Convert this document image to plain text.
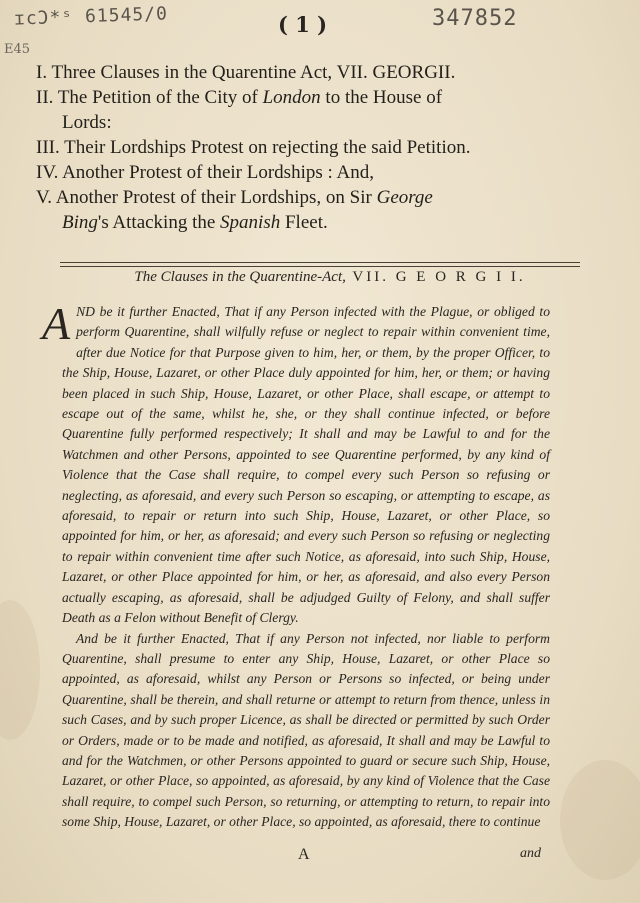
ɪcƆ*ˢ 61545/0	( 1 )	347852
E45
I. Three Clauses in the Quarentine Act, VII. GEORGII.
II. The Petition of the City of London to the House of
Lords:
III. Their Lordships Protest on rejecting the said Petition.
IV. Another Protest of their Lordships : And,
V. Another Protest of their Lordships, on Sir George
Bing's Attacking the Spanish Fleet.
The Clauses in the Quarentine-Act, VII. G E O R G I I.

AND be it further Enacted, That if any Person infected with the Plague, or obliged to perform Quarentine, shall wilfully refuse or neglect to repair within convenient time, after due Notice for that Purpose given to him, her, or them, by the proper Officer, to the Ship, House, Lazaret, or other Place duly appointed for him, her, or them; or having been placed in such Ship, House, Lazaret, or other Place, shall escape, or attempt to escape out of the same, whilst he, she, or they shall continue infected, or before Quarentine fully performed respectively; It shall and may be Lawful to and for the Watchmen and other Persons, appointed to see Quarentine performed, by any kind of Violence that the Case shall require, to compel every such Person so refusing or neglecting, as aforesaid, and every such Person so escaping, or attempting to escape, as aforesaid, to repair or return into such Ship, House, Lazaret, or other Place, so appointed for him, or her, as aforesaid; and every such Person so refusing or neglecting to repair within convenient time after such Notice, as aforesaid, into such Ship, House, Lazaret, or other Place appointed for him, or her, as aforesaid, and also every Person actually escaping, as aforesaid, shall be adjudged Guilty of Felony, and shall suffer Death as a Felon without Benefit of Clergy.

And be it further Enacted, That if any Person not infected, nor liable to perform Quarentine, shall presume to enter any Ship, House, Lazaret, or other Place so appointed, as aforesaid, whilst any Person or Persons so infected, or being under Quarentine, shall be therein, and shall returne or attempt to return from thence, unless in such Cases, and by such proper Licence, as shall be directed or permitted by such Order or Orders, made or to be made and notified, as aforesaid, It shall and may be Lawful to and for the Watchmen, or other Persons appointed to guard or secure such Ship, House, Lazaret, or other Place, so appointed, as aforesaid, by any kind of Violence that the Case shall require, to compel such Person, so returning, or attempting to return, to repair into some Ship, House, Lazaret, or other Place, so appointed, as aforesaid, there to continue

A	and
